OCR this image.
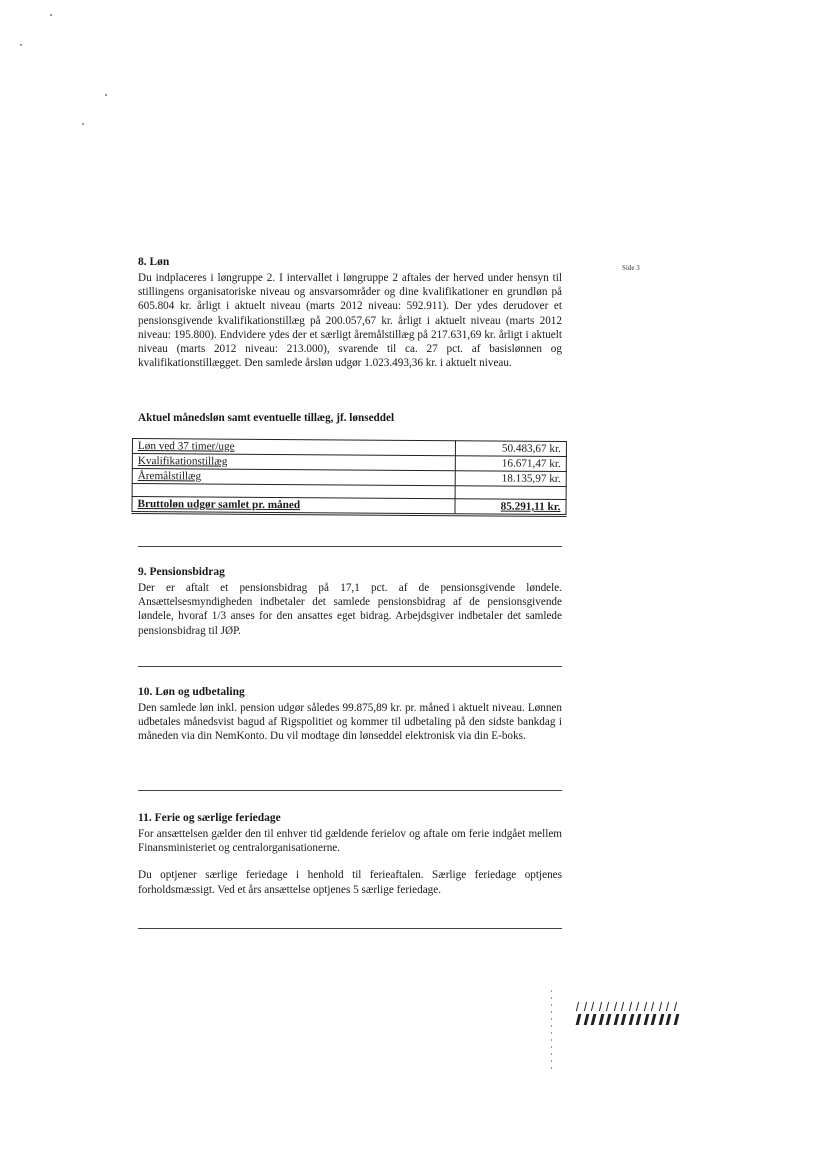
Side 3
8. Løn

Du indplaceres i løngruppe 2. I intervallet i løngruppe 2 aftales der herved under hensyn til stillingens organisatoriske niveau og ansvarsområder og dine kvalifikationer en grundløn på 605.804 kr. årligt i aktuelt niveau (marts 2012 niveau: 592.911). Der ydes derudover et pensionsgivende kvalifikationstillæg på 200.057,67 kr. årligt i aktuelt niveau (marts 2012 niveau: 195.800). Endvidere ydes der et særligt åremålstillæg på 217.631,69 kr. årligt i aktuelt niveau (marts 2012 niveau: 213.000), svarende til ca. 27 pct. af basislønnen og kvalifikationstillægget. Den samlede årsløn udgør 1.023.493,36 kr. i aktuelt niveau.

Aktuel månedsløn samt eventuelle tillæg, jf. lønseddel
Løn ved 37 timer/uge	50.483,67 kr.
Kvalifikationstillæg	16.671,47 kr.
Åremålstillæg	18.135,97 kr.

Bruttoløn udgør samlet pr. måned	85.291,11 kr.
9. Pensionsbidrag

Der er aftalt et pensionsbidrag på 17,1 pct. af de pensionsgivende løndele. Ansættelsesmyndigheden indbetaler det samlede pensionsbidrag af de pensionsgivende løndele, hvoraf 1/3 anses for den ansattes eget bidrag. Arbejdsgiver indbetaler det samlede pensionsbidrag til JØP.

10. Løn og udbetaling

Den samlede løn inkl. pension udgør således 99.875,89 kr. pr. måned i aktuelt niveau. Lønnen udbetales månedsvist bagud af Rigspolitiet og kommer til udbetaling på den sidste bankdag i måneden via din NemKonto. Du vil modtage din lønseddel elektronisk via din E-boks.

11. Ferie og særlige feriedage

For ansættelsen gælder den til enhver tid gældende ferielov og aftale om ferie indgået mellem Finansministeriet og centralorganisationerne.

Du optjener særlige feriedage i henhold til ferieaftalen. Særlige feriedage optjenes forholdsmæssigt. Ved et års ansættelse optjenes 5 særlige feriedage.
